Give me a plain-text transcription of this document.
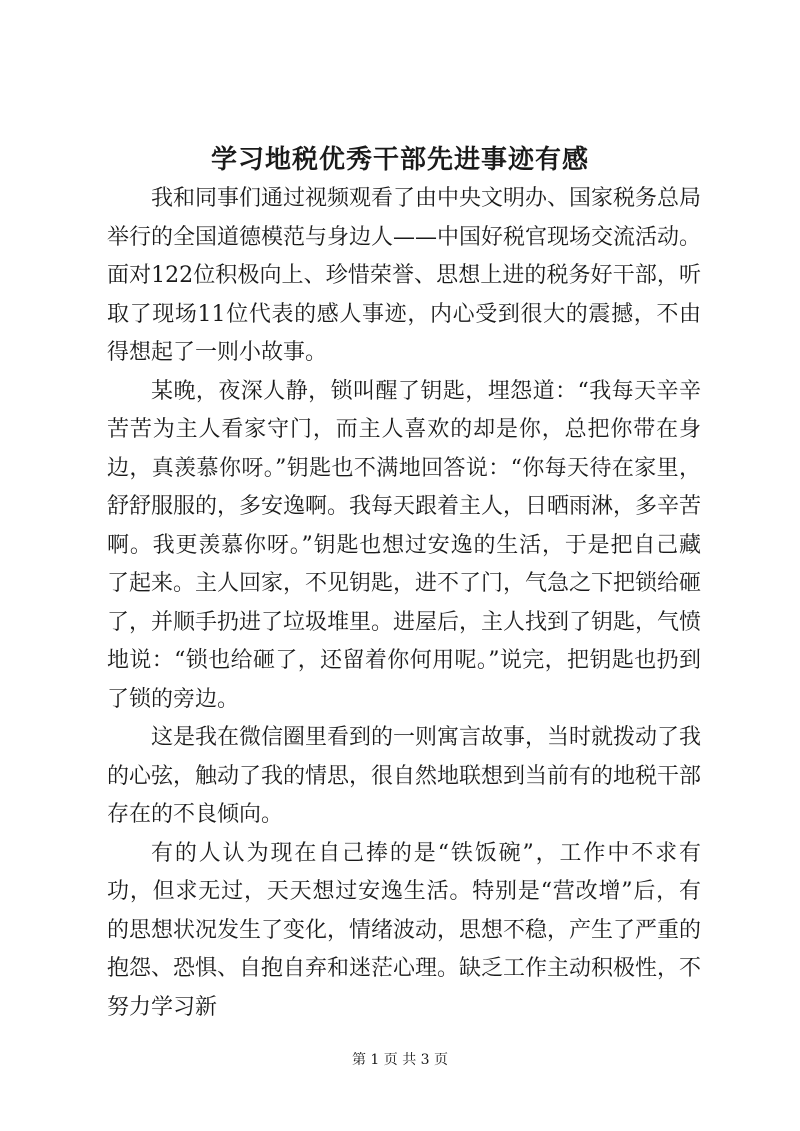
学习地税优秀干部先进事迹有感

我和同事们通过视频观看了由中央文明办、国家税务总局举行的全国道德模范与身边人——中国好税官现场交流活动。面对122位积极向上、珍惜荣誉、思想上进的税务好干部，听取了现场11位代表的感人事迹，内心受到很大的震撼，不由得想起了一则小故事。

某晚，夜深人静，锁叫醒了钥匙，埋怨道：“我每天辛辛苦苦为主人看家守门，而主人喜欢的却是你，总把你带在身边，真羡慕你呀。”钥匙也不满地回答说：“你每天待在家里，舒舒服服的，多安逸啊。我每天跟着主人，日晒雨淋，多辛苦啊。我更羡慕你呀。”钥匙也想过安逸的生活，于是把自己藏了起来。主人回家，不见钥匙，进不了门，气急之下把锁给砸了，并顺手扔进了垃圾堆里。进屋后，主人找到了钥匙，气愤地说：“锁也给砸了，还留着你何用呢。”说完，把钥匙也扔到了锁的旁边。

这是我在微信圈里看到的一则寓言故事，当时就拨动了我的心弦，触动了我的情思，很自然地联想到当前有的地税干部存在的不良倾向。

有的人认为现在自己捧的是“铁饭碗”，工作中不求有功，但求无过，天天想过安逸生活。特别是“营改增”后，有的思想状况发生了变化，情绪波动，思想不稳，产生了严重的抱怨、恐惧、自抱自弃和迷茫心理。缺乏工作主动积极性，不努力学习新

第 1 页 共 3 页
